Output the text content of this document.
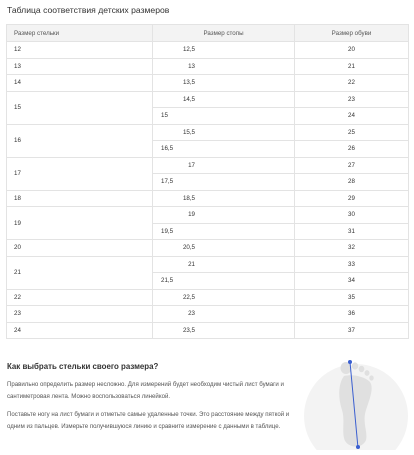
Таблица соответствия детских размеров
Размер стельки	Размер стопы	Размер обуви
12	12,5	20
13	13	21
14	13,5	22
15	14,5	23
	15	24
16	15,5	25
	16,5	26
17	17	27
	17,5	28
18	18,5	29
19	19	30
	19,5	31
20	20,5	32
21	21	33
	21,5	34
22	22,5	35
23	23	36
24	23,5	37
Как выбрать стельки своего размера?
Правильно определить размер несложно. Для измерений будет необходим чистый лист бумаги и сантиметровая лента. Можно воспользоваться линейкой.
Поставьте ногу на лист бумаги и отметьте самые удаленные точки. Это расстояние между пяткой и одним из пальцев. Измерьте получившуюся линию и сравните измерение с данными в таблице.
